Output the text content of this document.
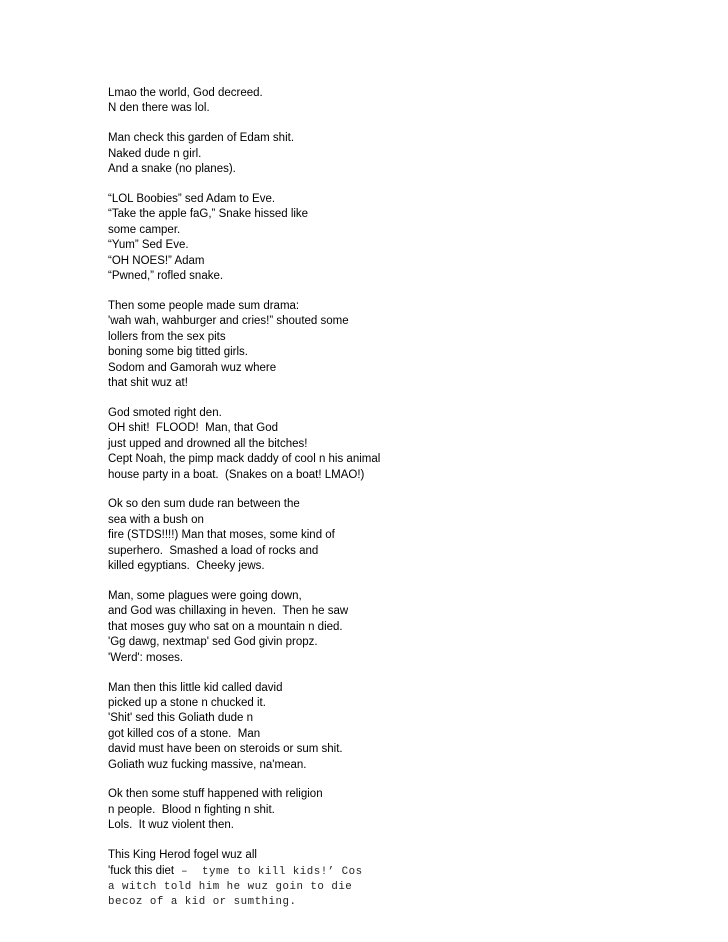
Lmao the world, God decreed.
N den there was lol.
Man check this garden of Edam shit.
Naked dude n girl.
And a snake (no planes).
“LOL Boobies” sed Adam to Eve.
“Take the apple faG,” Snake hissed like
some camper.
“Yum” Sed Eve.
“OH NOES!” Adam
“Pwned,” rofled snake.
Then some people made sum drama:
'wah wah, wahburger and cries!” shouted some
lollers from the sex pits
boning some big titted girls.
Sodom and Gamorah wuz where
that shit wuz at!
God smoted right den.
OH shit!  FLOOD!  Man, that God
just upped and drowned all the bitches!
Cept Noah, the pimp mack daddy of cool n his animal
house party in a boat.  (Snakes on a boat! LMAO!)
Ok so den sum dude ran between the
sea with a bush on
fire (STDS!!!!) Man that moses, some kind of
superhero.  Smashed a load of rocks and
killed egyptians.  Cheeky jews.
Man, some plagues were going down,
and God was chillaxing in heven.  Then he saw
that moses guy who sat on a mountain n died.
'Gg dawg, nextmap' sed God givin propz.
'Werd': moses.
Man then this little kid called david
picked up a stone n chucked it.
'Shit' sed this Goliath dude n
got killed cos of a stone.  Man
david must have been on steroids or sum shit.
Goliath wuz fucking massive, na'mean.
Ok then some stuff happened with religion
n people.  Blood n fighting n shit.
Lols.  It wuz violent then.
This King Herod fogel wuz all
'fuck this diet –  tyme to kill kids!’ Cos
a witch told him he wuz goin to die
becoz of a kid or sumthing.
